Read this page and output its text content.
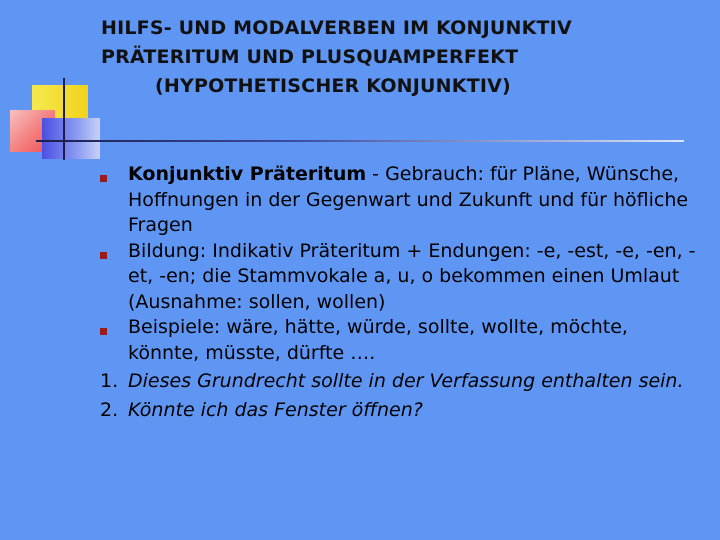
HILFS- UND MODALVERBEN IM KONJUNKTIV
PRÄTERITUM UND PLUSQUAMPERFEKT
(HYPOTHETISCHER KONJUNKTIV)
Konjunktiv Präteritum - Gebrauch: für Pläne, Wünsche, Hoffnungen in der Gegenwart und Zukunft und für höfliche Fragen
Bildung: Indikativ Präteritum + Endungen: -e, -est, -e, -en, -et, -en; die Stammvokale a, u, o bekommen einen Umlaut (Ausnahme: sollen, wollen)
Beispiele: wäre, hätte, würde, sollte, wollte, möchte, könnte, müsste, dürfte ….
1. Dieses Grundrecht sollte in der Verfassung enthalten sein.
2. Könnte ich das Fenster öffnen?
